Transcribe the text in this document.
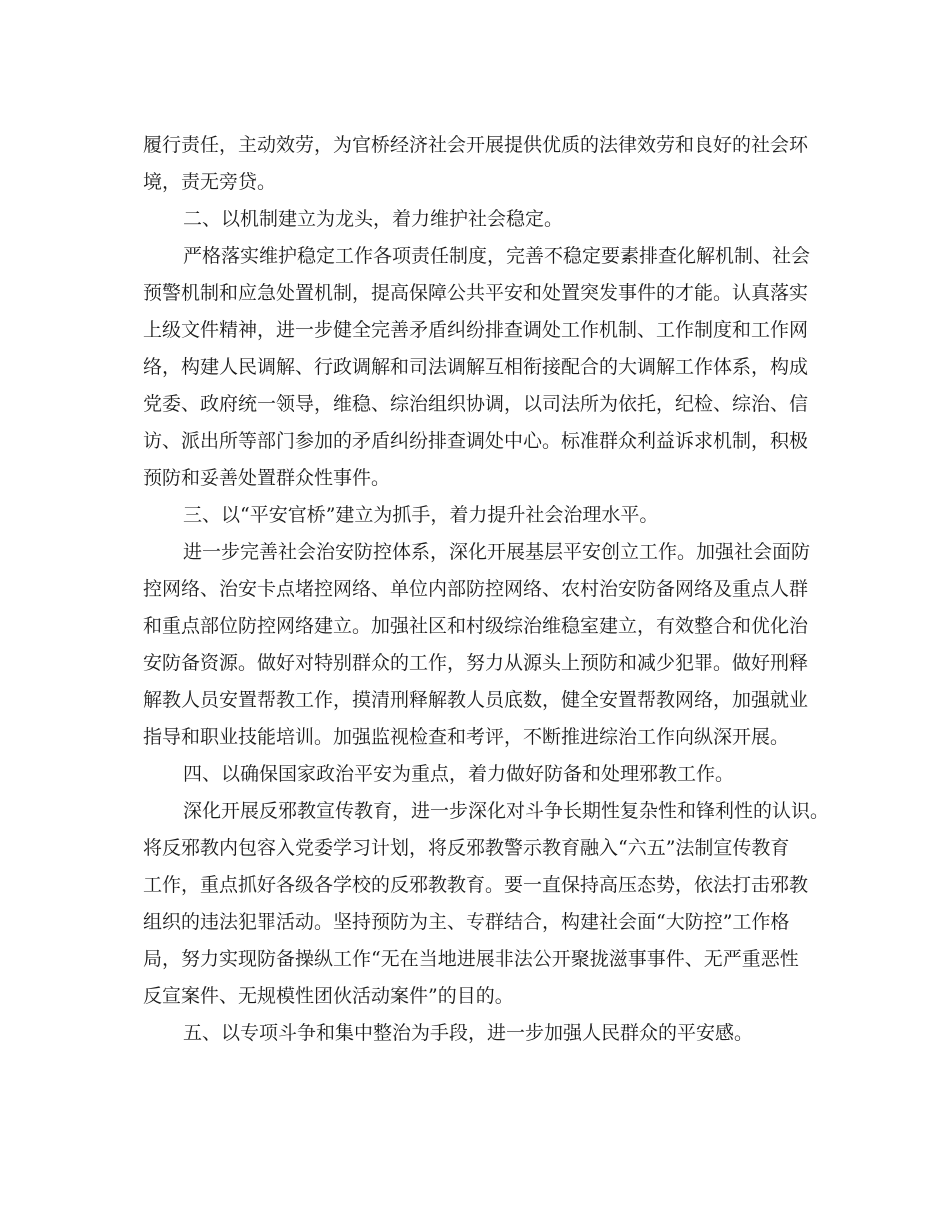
履行责任，主动效劳，为官桥经济社会开展提供优质的法律效劳和良好的社会环
境，责无旁贷。
二、以机制建立为龙头，着力维护社会稳定。
严格落实维护稳定工作各项责任制度，完善不稳定要素排查化解机制、社会
预警机制和应急处置机制，提高保障公共平安和处置突发事件的才能。认真落实
上级文件精神，进一步健全完善矛盾纠纷排查调处工作机制、工作制度和工作网
络，构建人民调解、行政调解和司法调解互相衔接配合的大调解工作体系，构成
党委、政府统一领导，维稳、综治组织协调，以司法所为依托，纪检、综治、信
访、派出所等部门参加的矛盾纠纷排查调处中心。标准群众利益诉求机制，积极
预防和妥善处置群众性事件。
三、以“平安官桥”建立为抓手，着力提升社会治理水平。
进一步完善社会治安防控体系，深化开展基层平安创立工作。加强社会面防
控网络、治安卡点堵控网络、单位内部防控网络、农村治安防备网络及重点人群
和重点部位防控网络建立。加强社区和村级综治维稳室建立，有效整合和优化治
安防备资源。做好对特别群众的工作，努力从源头上预防和减少犯罪。做好刑释
解教人员安置帮教工作，摸清刑释解教人员底数，健全安置帮教网络，加强就业
指导和职业技能培训。加强监视检查和考评，不断推进综治工作向纵深开展。
四、以确保国家政治平安为重点，着力做好防备和处理邪教工作。
深化开展反邪教宣传教育，进一步深化对斗争长期性复杂性和锋利性的认识。
将反邪教内包容入党委学习计划，将反邪教警示教育融入“六五”法制宣传教育
工作，重点抓好各级各学校的反邪教教育。要一直保持高压态势，依法打击邪教
组织的违法犯罪活动。坚持预防为主、专群结合，构建社会面“大防控”工作格
局，努力实现防备操纵工作“无在当地进展非法公开聚拢滋事事件、无严重恶性
反宣案件、无规模性团伙活动案件”的目的。
五、以专项斗争和集中整治为手段，进一步加强人民群众的平安感。
